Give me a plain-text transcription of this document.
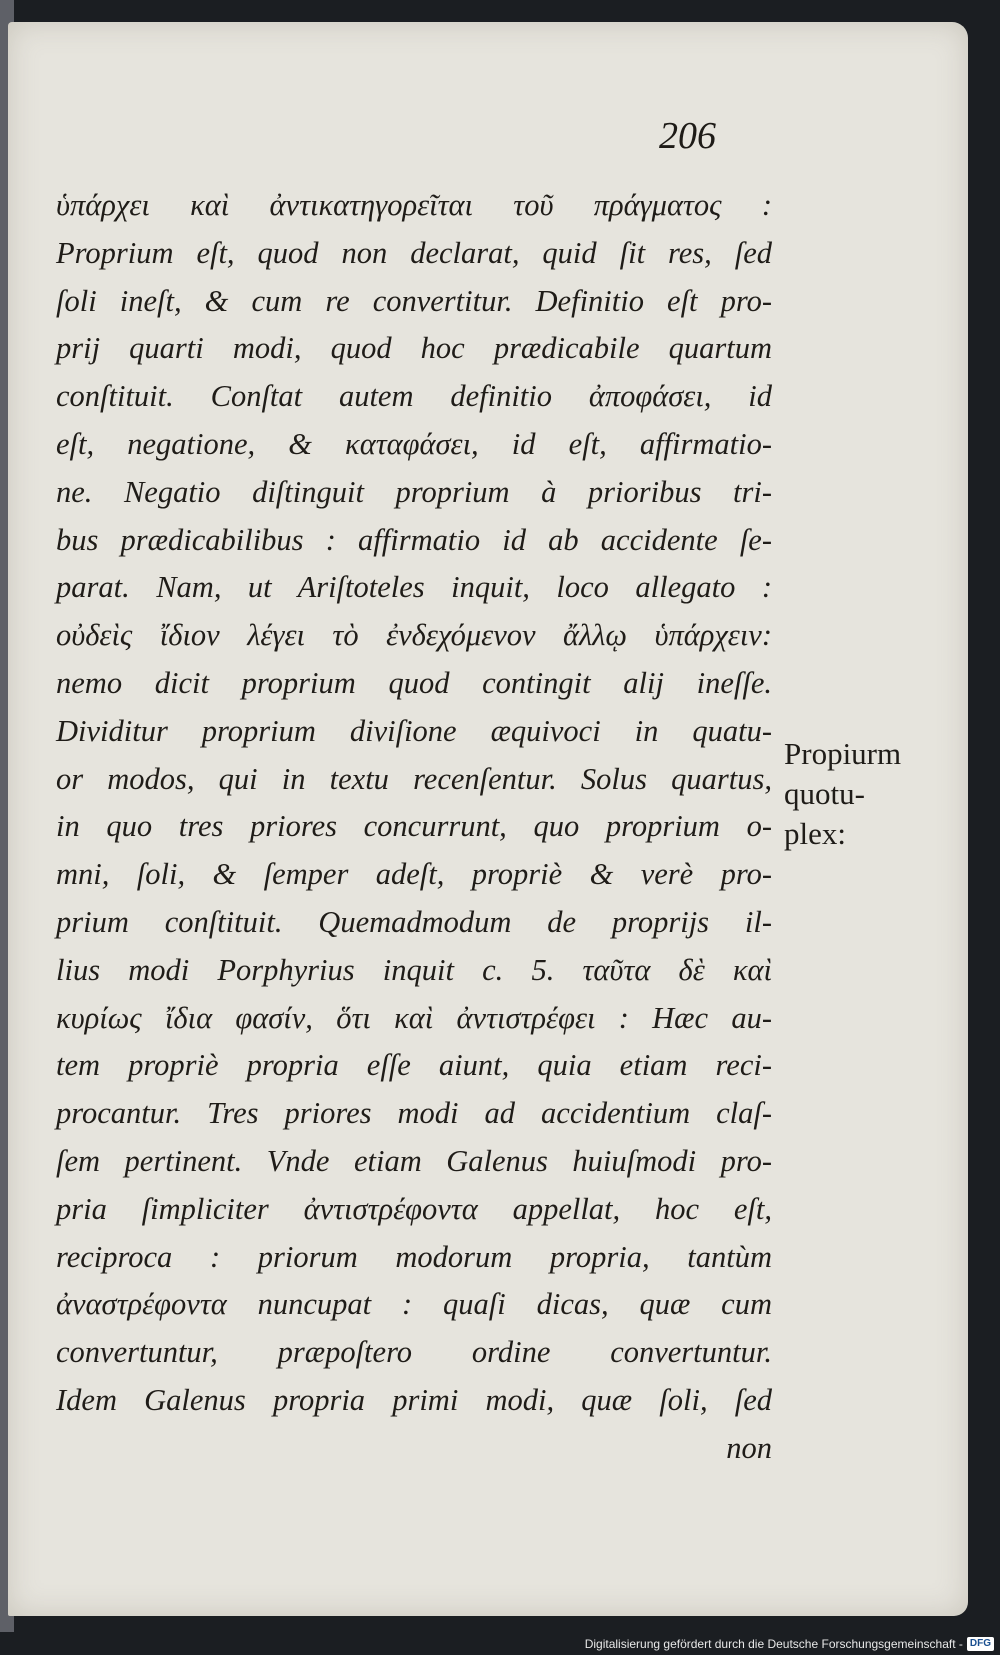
206
ὑπάρχει καὶ ἀντικατηγορεῖται τοῦ πράγματος :
Proprium eſt, quod non declarat, quid ſit res, ſed
ſoli ineſt, & cum re convertitur. Definitio eſt pro-
prij quarti modi, quod hoc prædicabile quartum
conſtituit. Conſtat autem definitio ἀποφάσει, id
eſt, negatione, & καταφάσει, id eſt, affirmatio-
ne. Negatio diſtinguit proprium à prioribus tri-
bus prædicabilibus : affirmatio id ab accidente ſe-
parat. Nam, ut Ariſtoteles inquit, loco allegato :
οὐδεὶς ἴδιον λέγει τὸ ἐνδεχόμενον ἄλλῳ ὑπάρχειν:
nemo dicit proprium quod contingit alij ineſſe.
Dividitur proprium diviſione æquivoci in quatu-
or modos, qui in textu recenſentur. Solus quartus,
in quo tres priores concurrunt, quo proprium o-
mni, ſoli, & ſemper adeſt, propriè & verè pro-
prium conſtituit. Quemadmodum de proprijs il-
lius modi Porphyrius inquit c. 5. ταῦτα δὲ καὶ
κυρίως ἴδια φασίν, ὅτι καὶ ἀντιστρέφει : Hæc au-
tem propriè propria eſſe aiunt, quia etiam reci-
procantur. Tres priores modi ad accidentium claſ-
ſem pertinent. Vnde etiam Galenus huiuſmodi pro-
pria ſimpliciter ἀντιστρέφοντα appellat, hoc eſt,
reciproca : priorum modorum propria, tantùm
ἀναστρέφοντα nuncupat : quaſi dicas, quæ cum
convertuntur, præpoſtero ordine convertuntur.
Idem Galenus propria primi modi, quæ ſoli, ſed
non
Propiurm
quotu-
plex:
Digitalisierung gefördert durch die Deutsche Forschungsgemeinschaft - DFG
